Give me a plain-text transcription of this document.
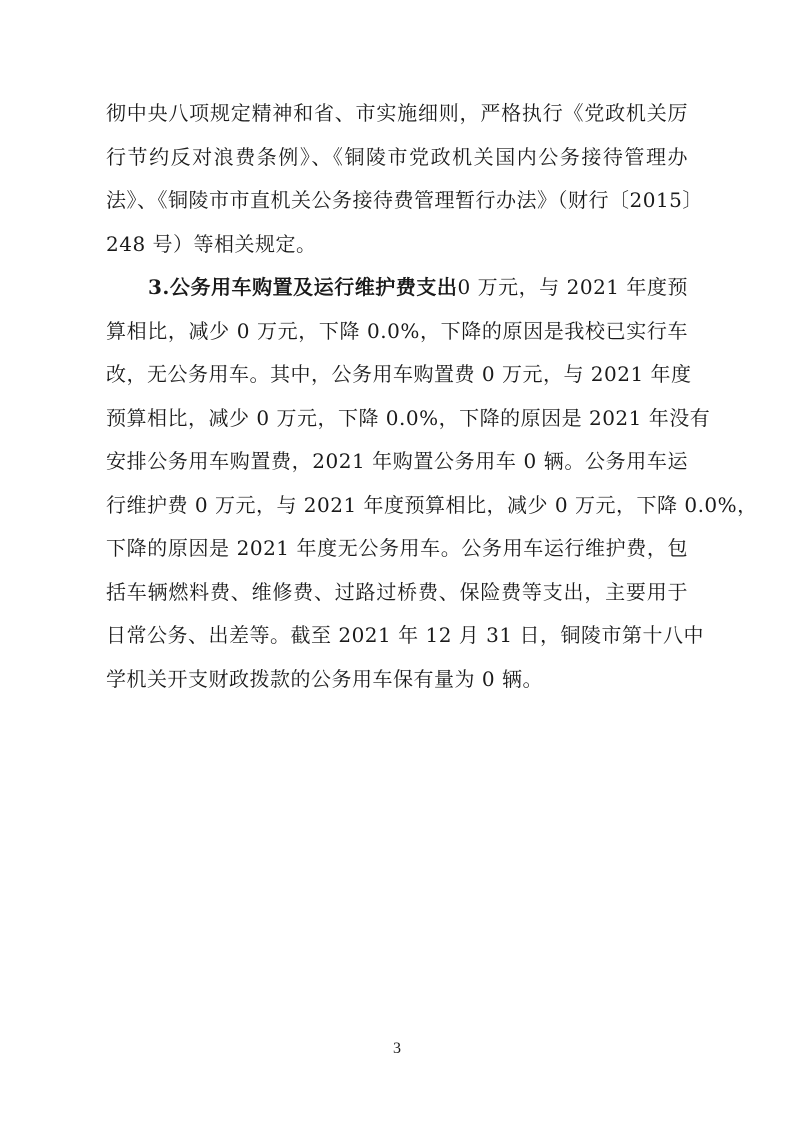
彻中央八项规定精神和省、市实施细则，严格执行《党政机关厉
行节约反对浪费条例》、《铜陵市党政机关国内公务接待管理办
法》、《铜陵市市直机关公务接待费管理暂行办法》（财行〔2015〕
248 号）等相关规定。
3.公务用车购置及运行维护费支出0 万元，与 2021 年度预
算相比，减少 0 万元，下降 0.0%，下降的原因是我校已实行车
改，无公务用车。其中，公务用车购置费 0 万元，与 2021 年度
预算相比，减少 0 万元，下降 0.0%，下降的原因是 2021 年没有
安排公务用车购置费，2021 年购置公务用车 0 辆。公务用车运
行维护费 0 万元，与 2021 年度预算相比，减少 0 万元，下降 0.0%，
下降的原因是 2021 年度无公务用车。公务用车运行维护费，包
括车辆燃料费、维修费、过路过桥费、保险费等支出，主要用于
日常公务、出差等。截至 2021 年 12 月 31 日，铜陵市第十八中
学机关开支财政拨款的公务用车保有量为 0 辆。
3
